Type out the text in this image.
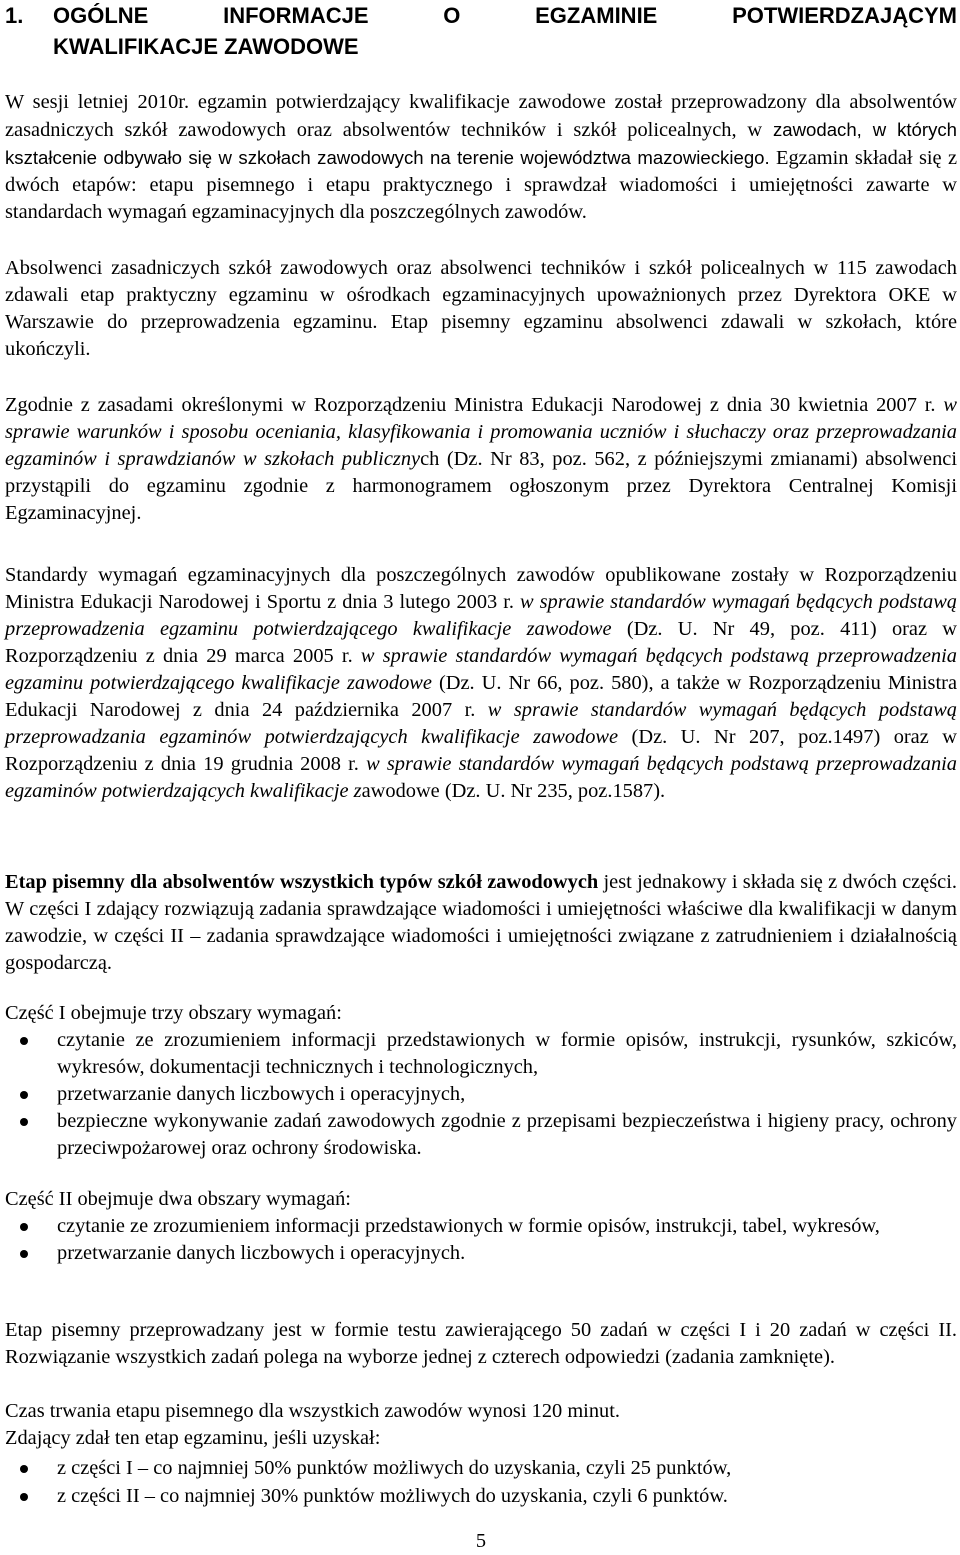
1. OGÓLNE INFORMACJE O EGZAMINIE POTWIERDZAJĄCYM
KWALIFIKACJE ZAWODOWE

W sesji letniej 2010r. egzamin potwierdzający kwalifikacje zawodowe został przeprowadzony dla absolwentów zasadniczych szkół zawodowych oraz absolwentów techników i szkół policealnych, w zawodach, w których kształcenie odbywało się w szkołach zawodowych na terenie województwa mazowieckiego. Egzamin składał się z dwóch etapów: etapu pisemnego i etapu praktycznego i sprawdzał wiadomości i umiejętności zawarte w standardach wymagań egzaminacyjnych dla poszczególnych zawodów.

Absolwenci zasadniczych szkół zawodowych oraz absolwenci techników i szkół policealnych w 115 zawodach zdawali etap praktyczny egzaminu w ośrodkach egzaminacyjnych upoważnionych przez Dyrektora OKE w Warszawie do przeprowadzenia egzaminu. Etap pisemny egzaminu absolwenci zdawali w szkołach, które ukończyli.

Zgodnie z zasadami określonymi w Rozporządzeniu Ministra Edukacji Narodowej z dnia 30 kwietnia 2007 r. w sprawie warunków i sposobu oceniania, klasyfikowania i promowania uczniów i słuchaczy oraz przeprowadzania egzaminów i sprawdzianów w szkołach publicznych (Dz. Nr 83, poz. 562, z późniejszymi zmianami) absolwenci przystąpili do egzaminu zgodnie z harmonogramem ogłoszonym przez Dyrektora Centralnej Komisji Egzaminacyjnej.

Standardy wymagań egzaminacyjnych dla poszczególnych zawodów opublikowane zostały w Rozporządzeniu Ministra Edukacji Narodowej i Sportu z dnia 3 lutego 2003 r. w sprawie standardów wymagań będących podstawą przeprowadzenia egzaminu potwierdzającego kwalifikacje zawodowe (Dz. U. Nr 49, poz. 411) oraz w Rozporządzeniu z dnia 29 marca 2005 r. w sprawie standardów wymagań będących podstawą przeprowadzenia egzaminu potwierdzającego kwalifikacje zawodowe (Dz. U. Nr 66, poz. 580), a także w Rozporządzeniu Ministra Edukacji Narodowej z dnia 24 października 2007 r. w sprawie standardów wymagań będących podstawą przeprowadzania egzaminów potwierdzających kwalifikacje zawodowe (Dz. U. Nr 207, poz.1497) oraz w Rozporządzeniu z dnia 19 grudnia 2008 r. w sprawie standardów wymagań będących podstawą przeprowadzania egzaminów potwierdzających kwalifikacje zawodowe (Dz. U. Nr 235, poz.1587).

Etap pisemny dla absolwentów wszystkich typów szkół zawodowych jest jednakowy i składa się z dwóch części. W części I zdający rozwiązują zadania sprawdzające wiadomości i umiejętności właściwe dla kwalifikacji w danym zawodzie, w części II – zadania sprawdzające wiadomości i umiejętności związane z zatrudnieniem i działalnością gospodarczą.

Część I obejmuje trzy obszary wymagań:

czytanie ze zrozumieniem informacji przedstawionych w formie opisów, instrukcji, rysunków, szkiców, wykresów, dokumentacji technicznych i technologicznych,
przetwarzanie danych liczbowych i operacyjnych,
bezpieczne wykonywanie zadań zawodowych zgodnie z przepisami bezpieczeństwa i higieny pracy, ochrony przeciwpożarowej oraz ochrony środowiska.

Część II obejmuje dwa obszary wymagań:

czytanie ze zrozumieniem informacji przedstawionych w formie opisów, instrukcji, tabel, wykresów,
przetwarzanie danych liczbowych i operacyjnych.

Etap pisemny przeprowadzany jest w formie testu zawierającego 50 zadań w części I i 20 zadań w części II. Rozwiązanie wszystkich zadań polega na wyborze jednej z czterech odpowiedzi (zadania zamknięte).

Czas trwania etapu pisemnego dla wszystkich zawodów wynosi 120 minut.

Zdający zdał ten etap egzaminu, jeśli uzyskał:

z części I – co najmniej 50% punktów możliwych do uzyskania, czyli 25 punktów,
z części II – co najmniej 30% punktów możliwych do uzyskania, czyli 6 punktów.
5
